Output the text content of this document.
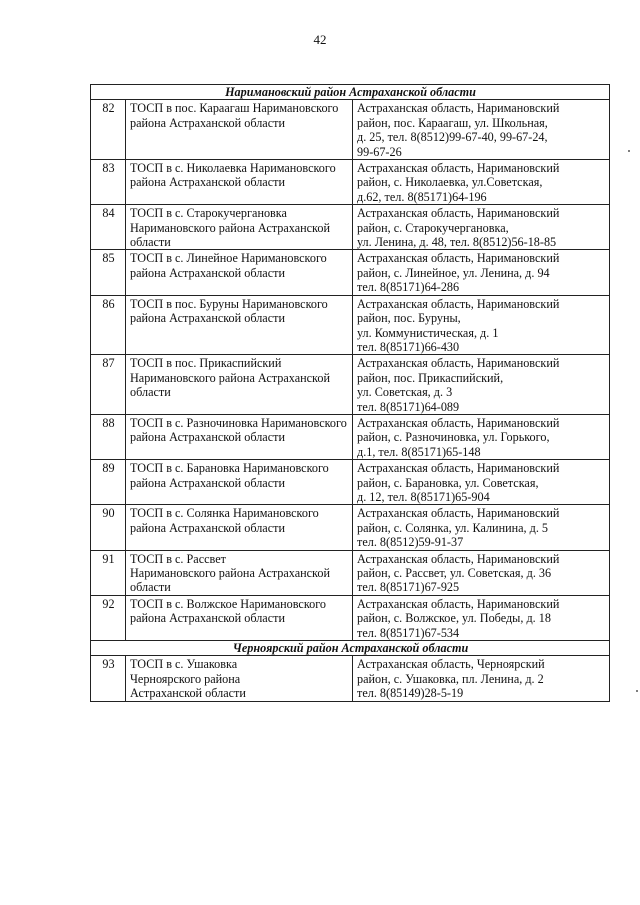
42
Наримановский район Астраханской области		
82	ТОСП в пос. Караагаш Наримановского района Астраханской области	Астраханская область, Наримановский
район, пос. Караагаш, ул. Школьная,
д. 25, тел. 8(8512)99-67-40, 99-67-24,
99-67-26
83	ТОСП в с. Николаевка Наримановского района Астраханской области	Астраханская область, Наримановский
район, с. Николаевка, ул.Советская,
д.62, тел. 8(85171)64-196
84	ТОСП в с. Старокучергановка
Наримановского района Астраханской области	Астраханская область, Наримановский
район, с. Старокучергановка,
ул. Ленина, д. 48, тел. 8(8512)56-18-85
85	ТОСП в с. Линейное Наримановского района Астраханской области	Астраханская область, Наримановский
район, с. Линейное, ул. Ленина, д. 94
тел. 8(85171)64-286
86	ТОСП в пос. Буруны Наримановского района Астраханской области	Астраханская область, Наримановский
район, пос. Буруны,
ул. Коммунистическая, д. 1
тел. 8(85171)66-430
87	ТОСП в пос. Прикаспийский Наримановского района Астраханской области	Астраханская область, Наримановский
район, пос. Прикаспийский,
ул. Советская, д. 3
тел. 8(85171)64-089
88	ТОСП в с. Разночиновка Наримановского района Астраханской области	Астраханская область, Наримановский
район, с. Разночиновка, ул. Горького,
д.1, тел. 8(85171)65-148
89	ТОСП в с. Барановка Наримановского района Астраханской области	Астраханская область, Наримановский
район, с. Барановка, ул. Советская,
д. 12, тел. 8(85171)65-904
90	ТОСП в с. Солянка Наримановского района Астраханской области	Астраханская область, Наримановский
район, с. Солянка, ул. Калинина, д. 5
тел. 8(8512)59-91-37
91	ТОСП в с. Рассвет
Наримановского района Астраханской области	Астраханская область, Наримановский
район, с. Рассвет, ул. Советская, д. 36
тел. 8(85171)67-925
92	ТОСП в с. Волжское Наримановского района Астраханской области	Астраханская область, Наримановский
район, с. Волжское, ул. Победы, д. 18
тел. 8(85171)67-534
Черноярский район Астраханской области		
93	ТОСП в с. Ушаковка
Черноярского района
Астраханской области	Астраханская область, Черноярский
район, с. Ушаковка, пл. Ленина, д. 2
тел. 8(85149)28-5-19
